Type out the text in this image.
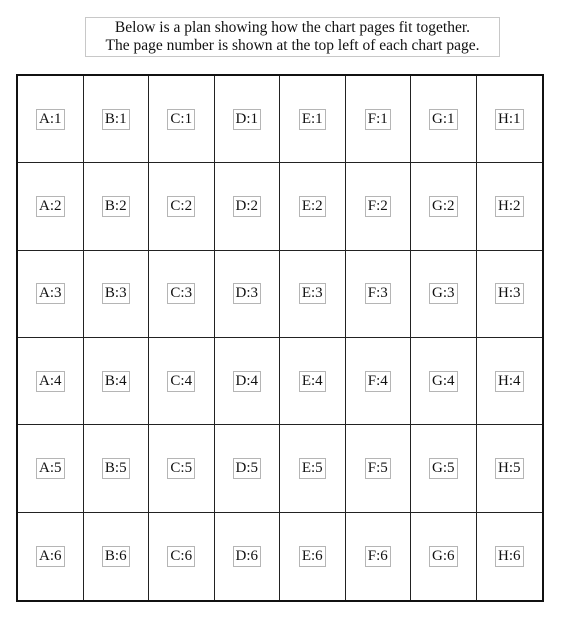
Below is a plan showing how the chart pages fit together.
The page number is shown at the top left of each chart page.
A:1	B:1	C:1	D:1	E:1	F:1	G:1	H:1
A:2	B:2	C:2	D:2	E:2	F:2	G:2	H:2
A:3	B:3	C:3	D:3	E:3	F:3	G:3	H:3
A:4	B:4	C:4	D:4	E:4	F:4	G:4	H:4
A:5	B:5	C:5	D:5	E:5	F:5	G:5	H:5
A:6	B:6	C:6	D:6	E:6	F:6	G:6	H:6
